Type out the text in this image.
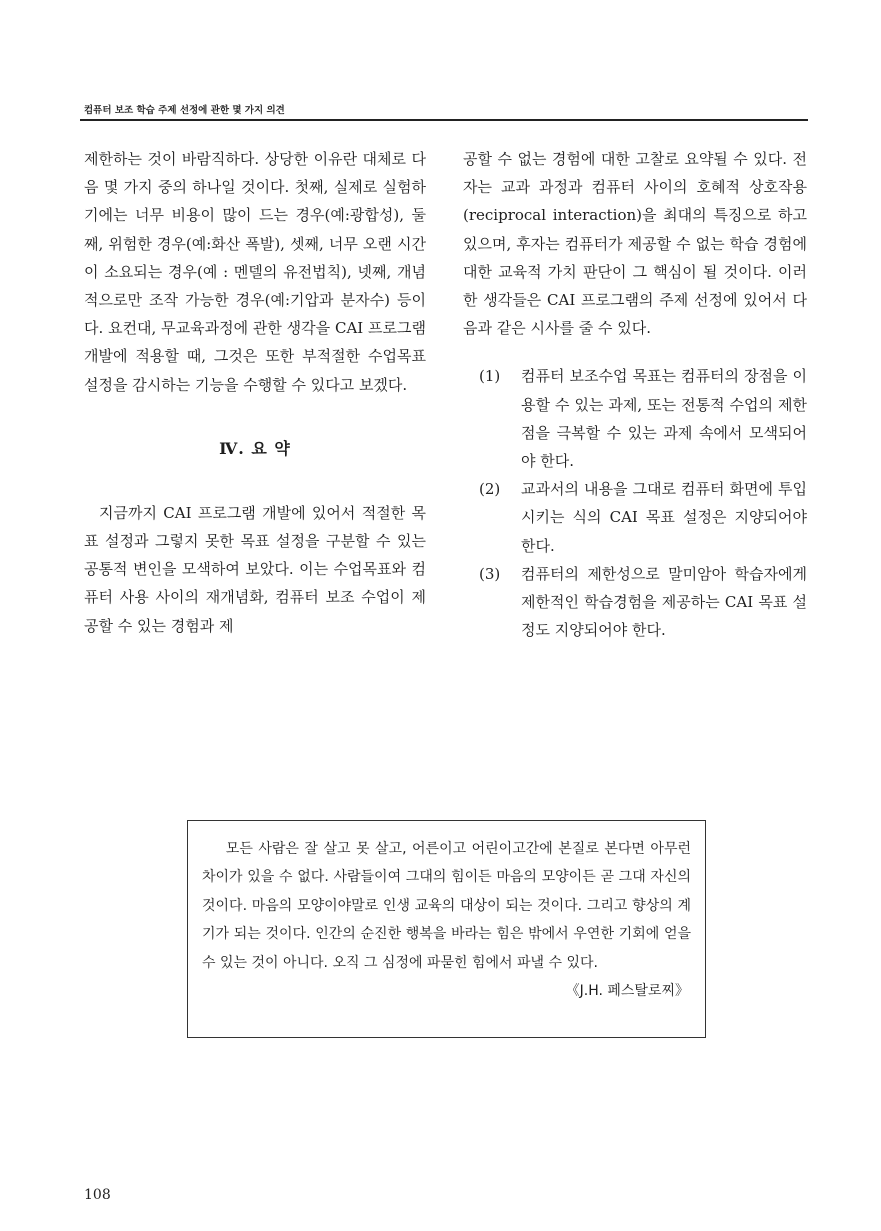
컴퓨터 보조 학습 주제 선정에 관한 몇 가지 의견

제한하는 것이 바람직하다. 상당한 이유란 대체로 다음 몇 가지 중의 하나일 것이다. 첫째, 실제로 실험하기에는 너무 비용이 많이 드는 경우(예:광합성), 둘째, 위험한 경우(예:화산 폭발), 셋째, 너무 오랜 시간이 소요되는 경우(예 : 멘델의 유전법칙), 넷째, 개념적으로만 조작 가능한 경우(예:기압과 분자수) 등이다. 요컨대, 무교육과정에 관한 생각을 CAI 프로그램 개발에 적용할 때, 그것은 또한 부적절한 수업목표 설정을 감시하는 기능을 수행할 수 있다고 보겠다.

Ⅳ. 요 약

지금까지 CAI 프로그램 개발에 있어서 적절한 목표 설정과 그렇지 못한 목표 설정을 구분할 수 있는 공통적 변인을 모색하여 보았다. 이는 수업목표와 컴퓨터 사용 사이의 재개념화, 컴퓨터 보조 수업이 제공할 수 있는 경험과 제

공할 수 없는 경험에 대한 고찰로 요약될 수 있다. 전자는 교과 과정과 컴퓨터 사이의 호혜적 상호작용(reciprocal interaction)을 최대의 특징으로 하고 있으며, 후자는 컴퓨터가 제공할 수 없는 학습 경험에 대한 교육적 가치 판단이 그 핵심이 될 것이다. 이러한 생각들은 CAI 프로그램의 주제 선정에 있어서 다음과 같은 시사를 줄 수 있다.

(1)	컴퓨터 보조수업 목표는 컴퓨터의 장점을 이용할 수 있는 과제, 또는 전통적 수업의 제한점을 극복할 수 있는 과제 속에서 모색되어야 한다.
(2)	교과서의 내용을 그대로 컴퓨터 화면에 투입시키는 식의 CAI 목표 설정은 지양되어야 한다.
(3)	컴퓨터의 제한성으로 말미암아 학습자에게 제한적인 학습경험을 제공하는 CAI 목표 설정도 지양되어야 한다.

모든 사람은 잘 살고 못 살고, 어른이고 어린이고간에 본질로 본다면 아무런 차이가 있을 수 없다. 사람들이여 그대의 힘이든 마음의 모양이든 곧 그대 자신의 것이다. 마음의 모양이야말로 인생 교육의 대상이 되는 것이다. 그리고 향상의 계기가 되는 것이다. 인간의 순진한 행복을 바라는 힘은 밖에서 우연한 기회에 얻을 수 있는 것이 아니다. 오직 그 심정에 파묻힌 힘에서 파낼 수 있다.

《J.H. 페스탈로찌》

108
